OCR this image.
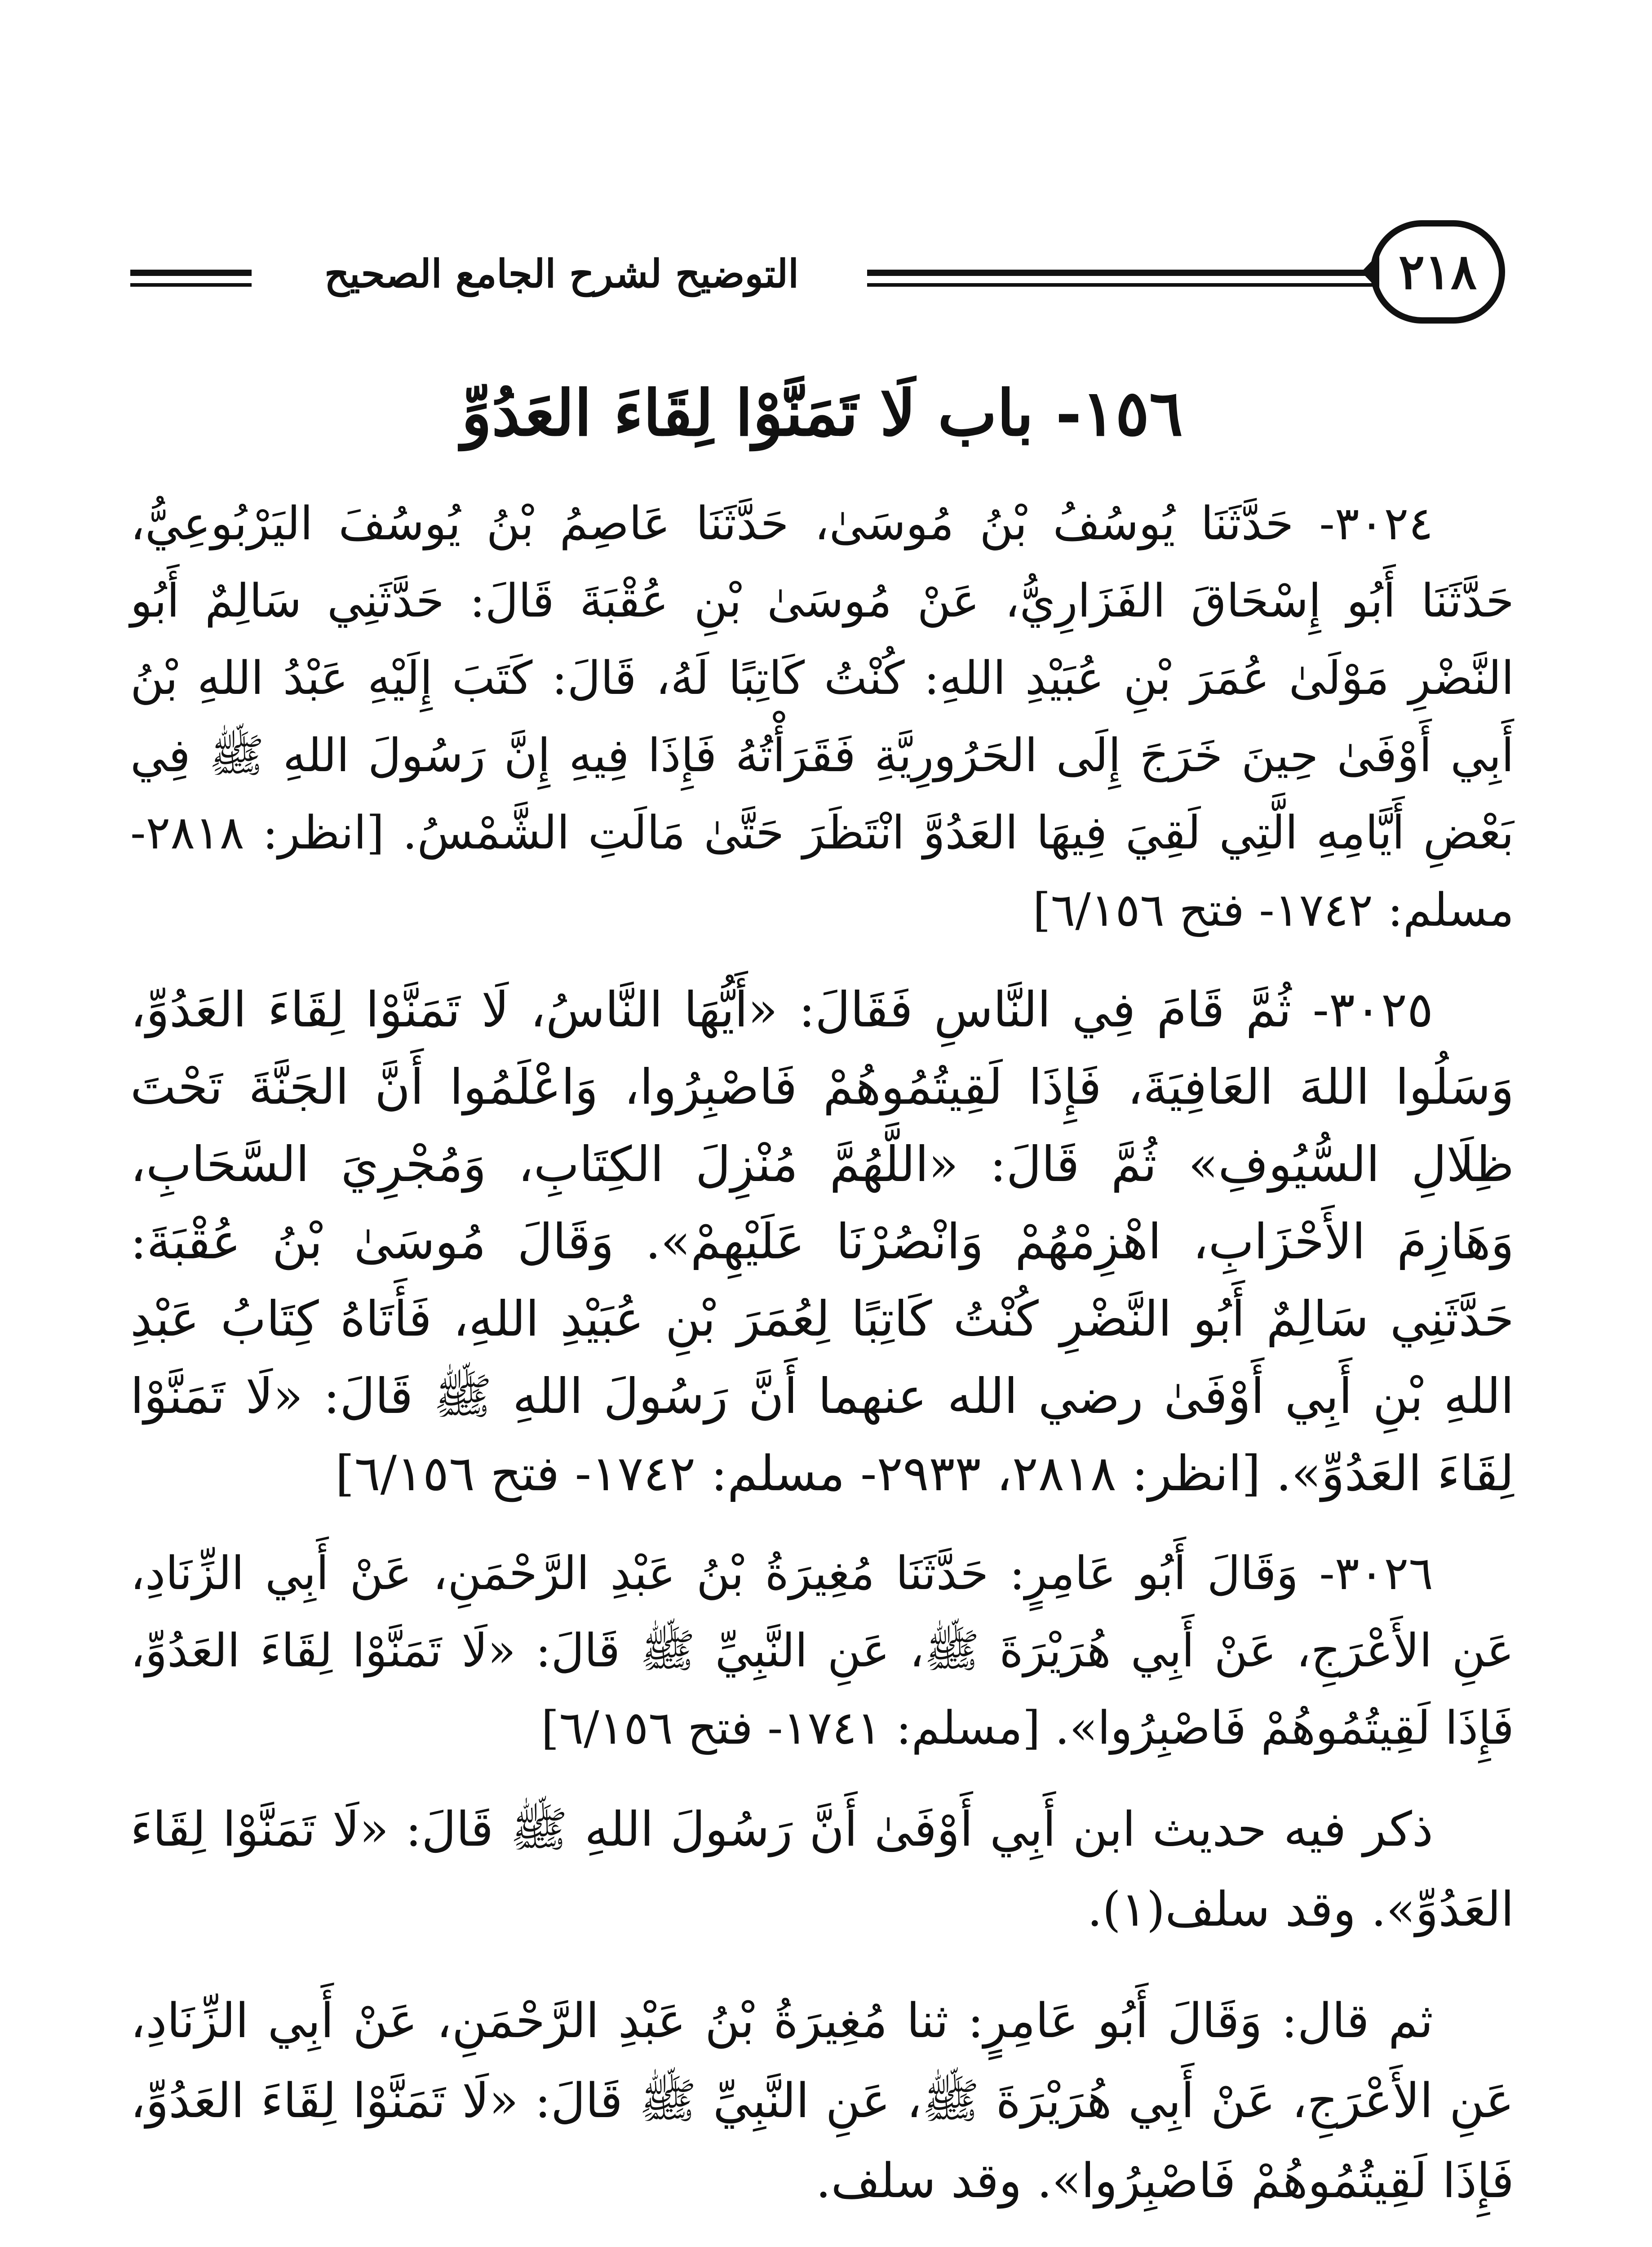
التوضيح لشرح الجامع الصحيح	٢١٨
١٥٦- باب لَا تَمَنَّوْا لِقَاءَ العَدُوِّ

٣٠٢٤- حَدَّثَنَا يُوسُفُ بْنُ مُوسَىٰ، حَدَّثَنَا عَاصِمُ بْنُ يُوسُفَ اليَرْبُوعِيُّ، حَدَّثَنَا أَبُو إِسْحَاقَ الفَزَارِيُّ، عَنْ مُوسَىٰ بْنِ عُقْبَةَ قَالَ: حَدَّثَنِي سَالِمٌ أَبُو النَّضْرِ مَوْلَىٰ عُمَرَ بْنِ عُبَيْدِ اللهِ: كُنْتُ كَاتِبًا لَهُ، قَالَ: كَتَبَ إِلَيْهِ عَبْدُ اللهِ بْنُ أَبِي أَوْفَىٰ حِينَ خَرَجَ إِلَى الحَرُورِيَّةِ فَقَرَأْتُهُ فَإِذَا فِيهِ إِنَّ رَسُولَ اللهِ ﷺ فِي بَعْضِ أَيَّامِهِ الَّتِي لَقِيَ فِيهَا العَدُوَّ انْتَظَرَ حَتَّىٰ مَالَتِ الشَّمْسُ. [انظر: ٢٨١٨- مسلم: ١٧٤٢- فتح ٦/١٥٦]

٣٠٢٥- ثُمَّ قَامَ فِي النَّاسِ فَقَالَ: «أَيُّهَا النَّاسُ، لَا تَمَنَّوْا لِقَاءَ العَدُوِّ، وَسَلُوا اللهَ العَافِيَةَ، فَإِذَا لَقِيتُمُوهُمْ فَاصْبِرُوا، وَاعْلَمُوا أَنَّ الجَنَّةَ تَحْتَ ظِلَالِ السُّيُوفِ» ثُمَّ قَالَ: «اللَّهُمَّ مُنْزِلَ الكِتَابِ، وَمُجْرِيَ السَّحَابِ، وَهَازِمَ الأَحْزَابِ، اهْزِمْهُمْ وَانْصُرْنَا عَلَيْهِمْ». وَقَالَ مُوسَىٰ بْنُ عُقْبَةَ: حَدَّثَنِي سَالِمٌ أَبُو النَّضْرِ كُنْتُ كَاتِبًا لِعُمَرَ بْنِ عُبَيْدِ اللهِ، فَأَتَاهُ كِتَابُ عَبْدِ اللهِ بْنِ أَبِي أَوْفَىٰ رضي الله عنهما أَنَّ رَسُولَ اللهِ ﷺ قَالَ: «لَا تَمَنَّوْا لِقَاءَ العَدُوِّ». [انظر: ٢٨١٨، ٢٩٣٣- مسلم: ١٧٤٢- فتح ٦/١٥٦]

٣٠٢٦- وَقَالَ أَبُو عَامِرٍ: حَدَّثَنَا مُغِيرَةُ بْنُ عَبْدِ الرَّحْمَنِ، عَنْ أَبِي الزِّنَادِ، عَنِ الأَعْرَجِ، عَنْ أَبِي هُرَيْرَةَ ﷺ، عَنِ النَّبِيِّ ﷺ قَالَ: «لَا تَمَنَّوْا لِقَاءَ العَدُوِّ، فَإِذَا لَقِيتُمُوهُمْ فَاصْبِرُوا». [مسلم: ١٧٤١- فتح ٦/١٥٦]

ذكر فيه حديث ابن أَبِي أَوْفَىٰ أَنَّ رَسُولَ اللهِ ﷺ قَالَ: «لَا تَمَنَّوْا لِقَاءَ العَدُوِّ». وقد سلف(١).

ثم قال: وَقَالَ أَبُو عَامِرٍ: ثنا مُغِيرَةُ بْنُ عَبْدِ الرَّحْمَنِ، عَنْ أَبِي الزِّنَادِ، عَنِ الأَعْرَجِ، عَنْ أَبِي هُرَيْرَةَ ﷺ، عَنِ النَّبِيِّ ﷺ قَالَ: «لَا تَمَنَّوْا لِقَاءَ العَدُوِّ، فَإِذَا لَقِيتُمُوهُمْ فَاصْبِرُوا». وقد سلف.
